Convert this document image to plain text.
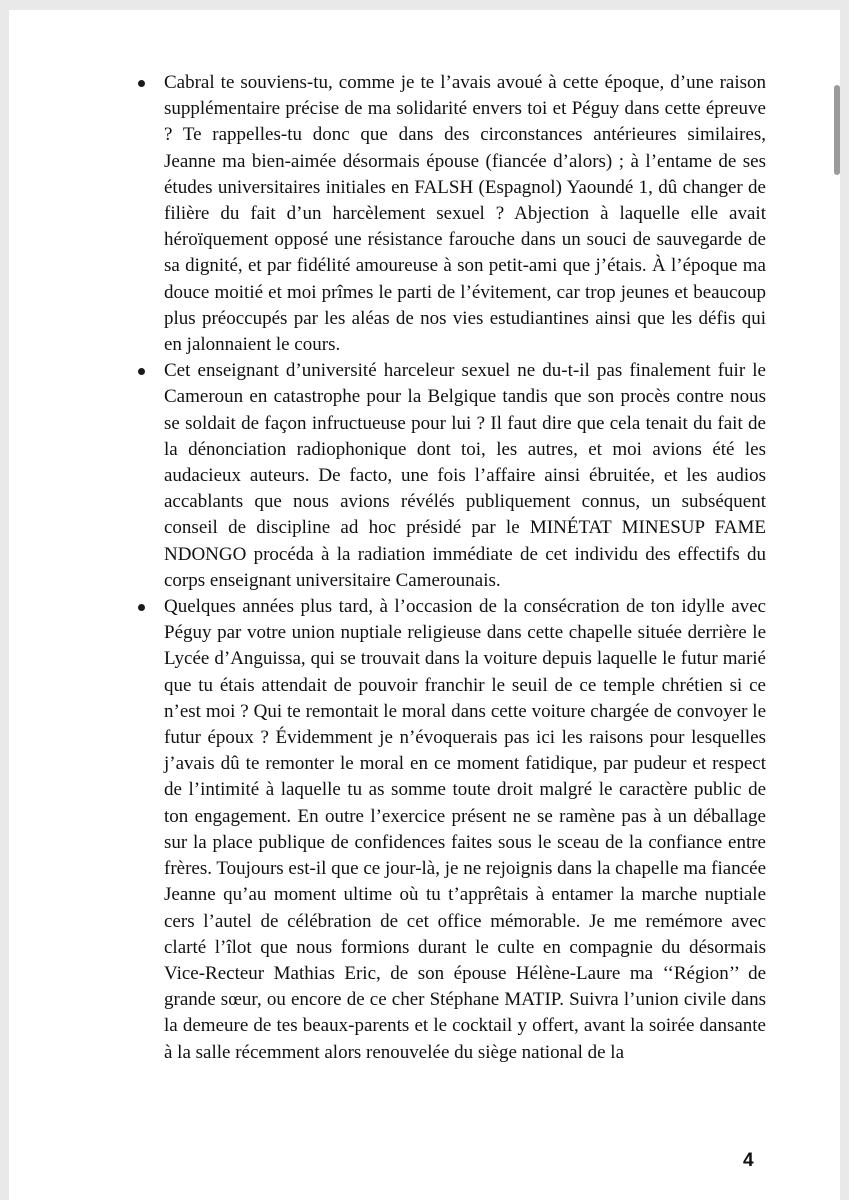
Cabral te souviens-tu, comme je te l’avais avoué à cette époque, d’une raison supplémentaire précise de ma solidarité envers toi et Péguy dans cette épreuve ? Te rappelles-tu donc que dans des circonstances antérieures similaires, Jeanne ma bien-aimée désormais épouse (fiancée d’alors) ; à l’entame de ses études universitaires initiales en FALSH (Espagnol) Yaoundé 1, dû changer de filière du fait d’un harcèlement sexuel ? Abjection à laquelle elle avait héroïquement opposé une résistance farouche dans un souci de sauvegarde de sa dignité, et par fidélité amoureuse à son petit-ami que j’étais. À l’époque ma douce moitié et moi prîmes le parti de l’évitement, car trop jeunes et beaucoup plus préoccupés par les aléas de nos vies estudiantines ainsi que les défis qui en jalonnaient le cours.

Cet enseignant d’université harceleur sexuel ne du-t-il pas finalement fuir le Cameroun en catastrophe pour la Belgique tandis que son procès contre nous se soldait de façon infructueuse pour lui ? Il faut dire que cela tenait du fait de la dénonciation radiophonique dont toi, les autres, et moi avions été les audacieux auteurs. De facto, une fois l’affaire ainsi ébruitée, et les audios accablants que nous avions révélés publiquement connus, un subséquent conseil de discipline ad hoc présidé par le MINÉTAT MINESUP FAME NDONGO procéda à la radiation immédiate de cet individu des effectifs du corps enseignant universitaire Camerounais.

Quelques années plus tard, à l’occasion de la consécration de ton idylle avec Péguy par votre union nuptiale religieuse dans cette chapelle située derrière le Lycée d’Anguissa, qui se trouvait dans la voiture depuis laquelle le futur marié que tu étais attendait de pouvoir franchir le seuil de ce temple chrétien si ce n’est moi ? Qui te remontait le moral dans cette voiture chargée de convoyer le futur époux ? Évidemment je n’évoquerais pas ici les raisons pour lesquelles j’avais dû te remonter le moral en ce moment fatidique, par pudeur et respect de l’intimité à laquelle tu as somme toute droit malgré le caractère public de ton engagement. En outre l’exercice présent ne se ramène pas à un déballage sur la place publique de confidences faites sous le sceau de la confiance entre frères. Toujours est-il que ce jour-là, je ne rejoignis dans la chapelle ma fiancée Jeanne qu’au moment ultime où tu t’apprêtais à entamer la marche nuptiale cers l’autel de célébration de cet office mémorable. Je me remémore avec clarté l’îlot que nous formions durant le culte en compagnie du désormais Vice-Recteur Mathias Eric, de son épouse Hélène-Laure ma ‘‘Région’’ de grande sœur, ou encore de ce cher Stéphane MATIP. Suivra l’union civile dans la demeure de tes beaux-parents et le cocktail y offert, avant la soirée dansante à la salle récemment alors renouvelée du siège national de la

4
